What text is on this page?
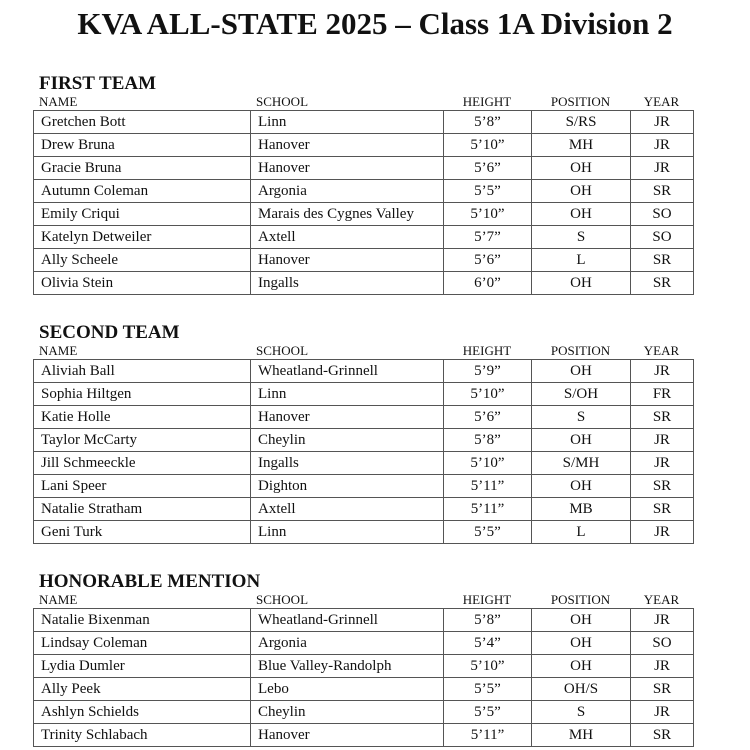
KVA ALL-STATE 2025 – Class 1A Division 2
FIRST TEAM
NAME	SCHOOL	HEIGHT	POSITION	YEAR
Gretchen Bott	Linn	5’8”	S/RS	JR
Drew Bruna	Hanover	5’10”	MH	JR
Gracie Bruna	Hanover	5’6”	OH	JR
Autumn Coleman	Argonia	5’5”	OH	SR
Emily Criqui	Marais des Cygnes Valley	5’10”	OH	SO
Katelyn Detweiler	Axtell	5’7”	S	SO
Ally Scheele	Hanover	5’6”	L	SR
Olivia Stein	Ingalls	6’0”	OH	SR
SECOND TEAM
NAME	SCHOOL	HEIGHT	POSITION	YEAR
Aliviah Ball	Wheatland-Grinnell	5’9”	OH	JR
Sophia Hiltgen	Linn	5’10”	S/OH	FR
Katie Holle	Hanover	5’6”	S	SR
Taylor McCarty	Cheylin	5’8”	OH	JR
Jill Schmeeckle	Ingalls	5’10”	S/MH	JR
Lani Speer	Dighton	5’11”	OH	SR
Natalie Stratham	Axtell	5’11”	MB	SR
Geni Turk	Linn	5’5”	L	JR
HONORABLE MENTION
NAME	SCHOOL	HEIGHT	POSITION	YEAR
Natalie Bixenman	Wheatland-Grinnell	5’8”	OH	JR
Lindsay Coleman	Argonia	5’4”	OH	SO
Lydia Dumler	Blue Valley-Randolph	5’10”	OH	JR
Ally Peek	Lebo	5’5”	OH/S	SR
Ashlyn Schields	Cheylin	5’5”	S	JR
Trinity Schlabach	Hanover	5’11”	MH	SR
